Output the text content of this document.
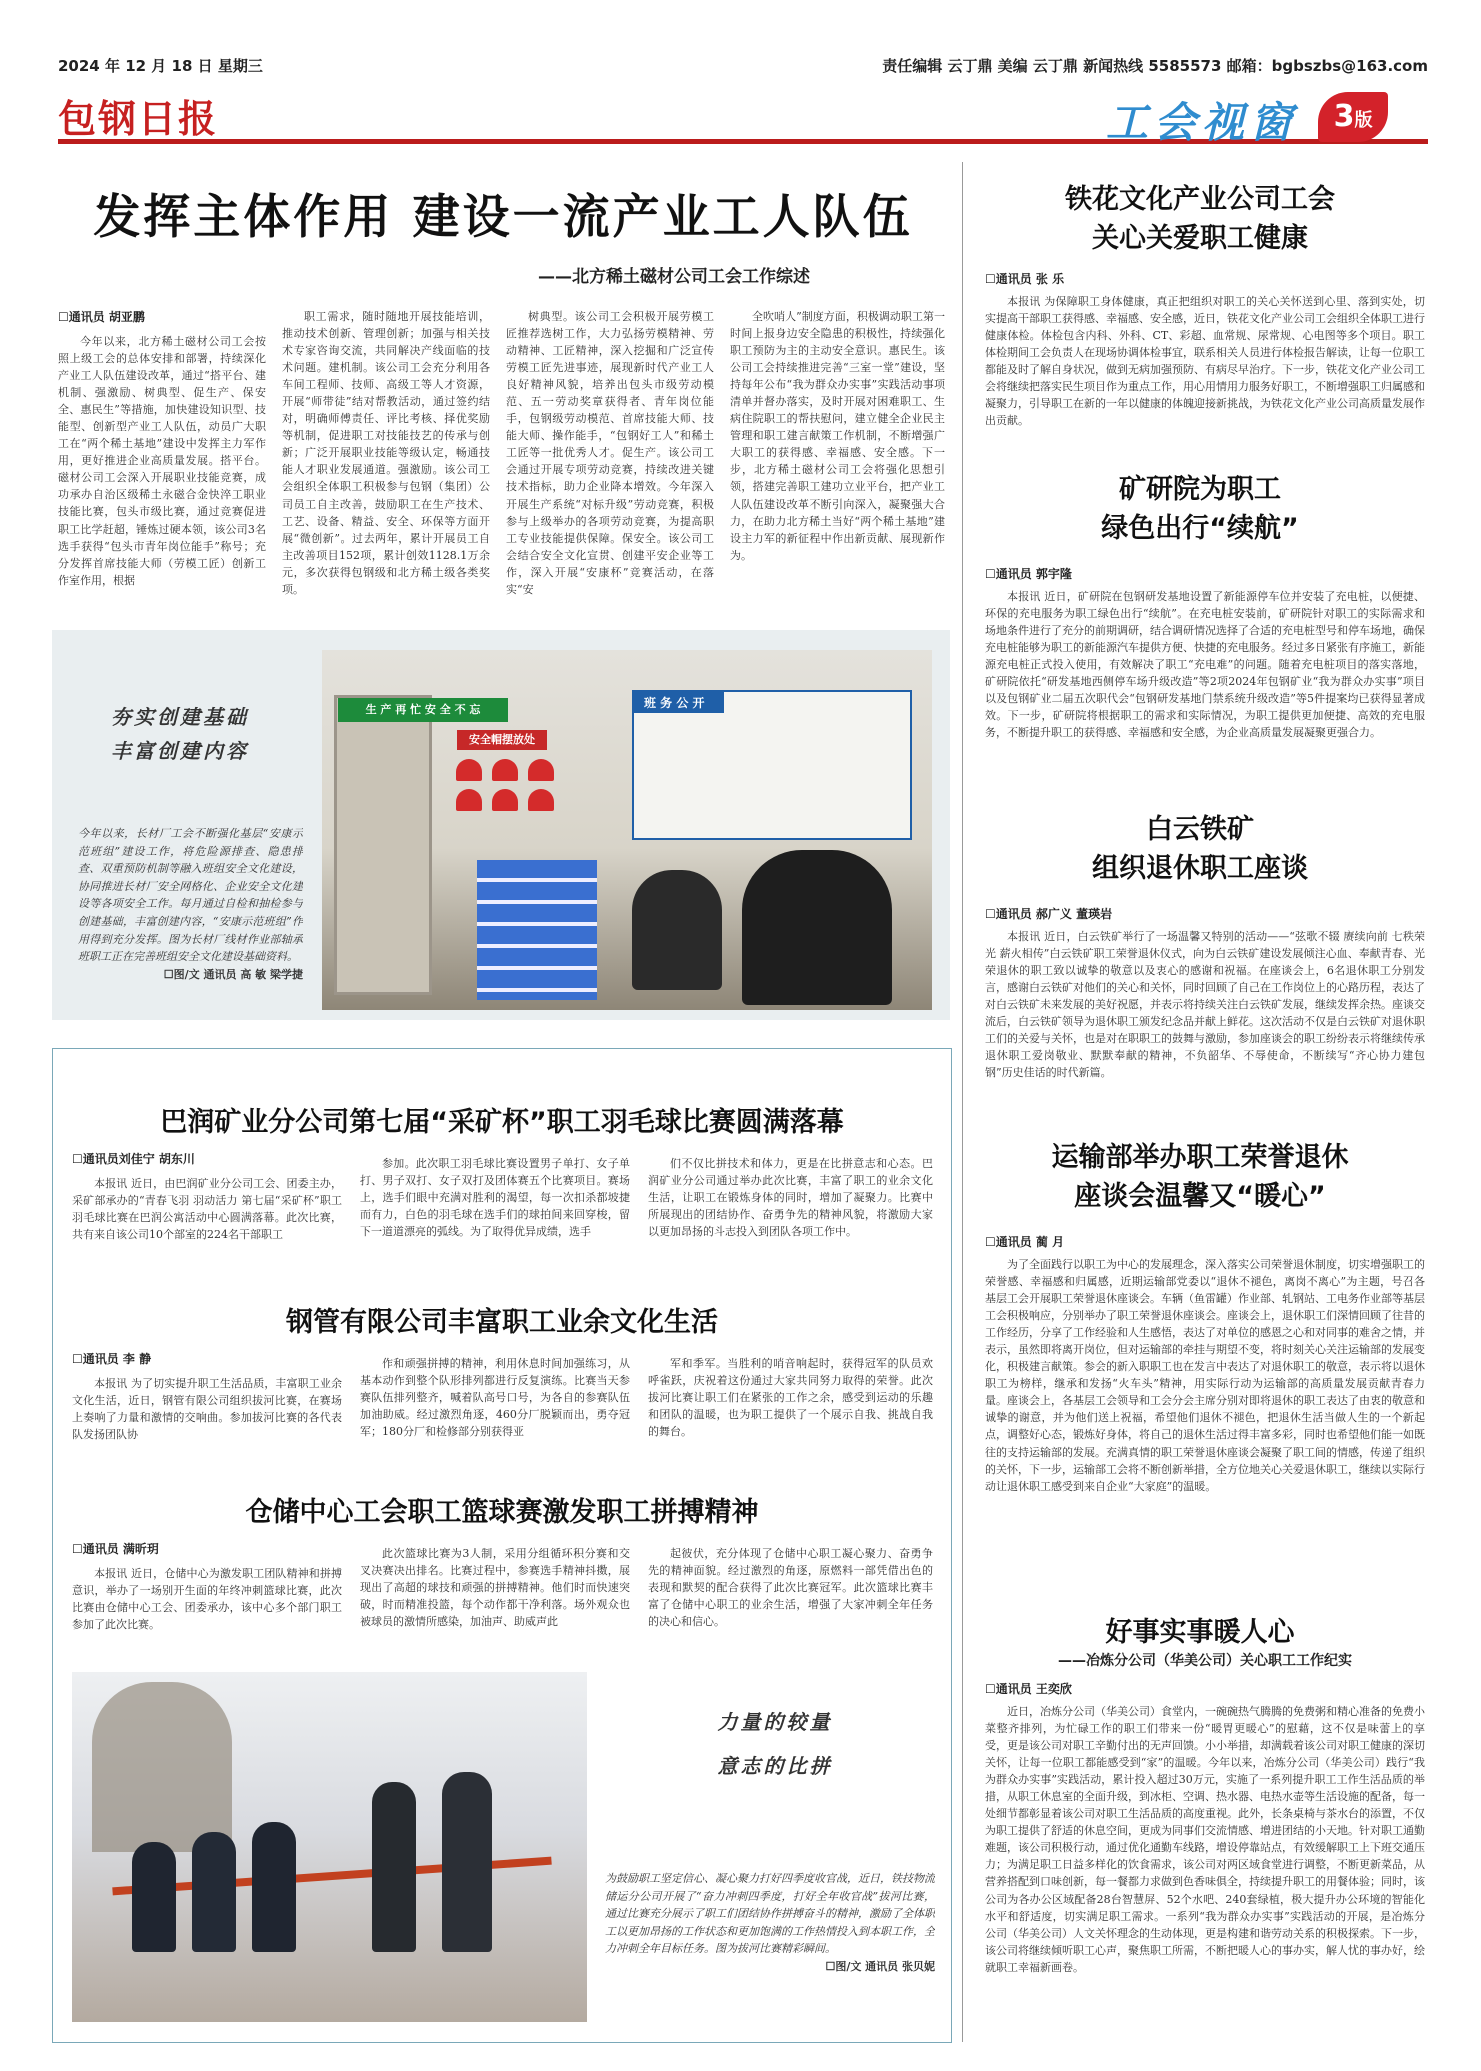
2024 年 12 月 18 日 星期三	责任编辑 云丁鼎 美编 云丁鼎 新闻热线 5585573 邮箱：bgbszbs@163.com
包钢日报	工会视窗	3版
发挥主体作用 建设一流产业工人队伍
——北方稀土磁材公司工会工作综述
☐通讯员 胡亚鹏

今年以来，北方稀土磁材公司工会按照上级工会的总体安排和部署，持续深化产业工人队伍建设改革，通过“搭平台、建机制、强激励、树典型、促生产、保安全、惠民生”等措施，加快建设知识型、技能型、创新型产业工人队伍，动员广大职工在“两个稀土基地”建设中发挥主力军作用，更好推进企业高质量发展。搭平台。磁材公司工会深入开展职业技能竞赛，成功承办自治区级稀土永磁合金快淬工职业技能比赛，包头市级比赛，通过竞赛促进职工比学赶超，锤炼过硬本领，该公司3名选手获得“包头市青年岗位能手”称号；充分发挥首席技能大师（劳模工匠）创新工作室作用，根据

职工需求，随时随地开展技能培训，推动技术创新、管理创新；加强与相关技术专家咨询交流，共同解决产线面临的技术问题。建机制。该公司工会充分利用各车间工程师、技师、高级工等人才资源，开展“师带徒”结对帮教活动，通过签约结对，明确师傅责任、评比考核、择优奖励等机制，促进职工对技能技艺的传承与创新；广泛开展职业技能等级认定，畅通技能人才职业发展通道。强激励。该公司工会组织全体职工积极参与包钢（集团）公司员工自主改善，鼓励职工在生产技术、工艺、设备、精益、安全、环保等方面开展“微创新”。过去两年，累计开展员工自主改善项目152项，累计创效1128.1万余元，多次获得包钢级和北方稀土级各类奖项。

树典型。该公司工会积极开展劳模工匠推荐选树工作，大力弘扬劳模精神、劳动精神、工匠精神，深入挖掘和广泛宣传劳模工匠先进事迹，展现新时代产业工人良好精神风貌，培养出包头市级劳动模范、五一劳动奖章获得者、青年岗位能手，包钢级劳动模范、首席技能大师、技能大师、操作能手，“包钢好工人”和稀土工匠等一批优秀人才。促生产。该公司工会通过开展专项劳动竞赛，持续改进关键技术指标，助力企业降本增效。今年深入开展生产系统“对标升级”劳动竞赛，积极参与上级举办的各项劳动竞赛，为提高职工专业技能提供保障。保安全。该公司工会结合安全文化宣贯、创建平安企业等工作，深入开展“安康杯”竞赛活动，在落实“安

全吹哨人”制度方面，积极调动职工第一时间上报身边安全隐患的积极性，持续强化职工预防为主的主动安全意识。惠民生。该公司工会持续推进完善“三室一堂”建设，坚持每年公布“我为群众办实事”实践活动事项清单并督办落实，及时开展对困难职工、生病住院职工的帮扶慰问，建立健全企业民主管理和职工建言献策工作机制，不断增强广大职工的获得感、幸福感、安全感。下一步，北方稀土磁材公司工会将强化思想引领，搭建完善职工建功立业平台，把产业工人队伍建设改革不断引向深入，凝聚强大合力，在助力北方稀土当好“两个稀土基地”建设主力军的新征程中作出新贡献、展现新作为。

夯实创建基础
丰富创建内容
今年以来，长材厂工会不断强化基层“安康示范班组”建设工作，将危险源排查、隐患排查、双重预防机制等融入班组安全文化建设，协同推进长材厂安全网格化、企业安全文化建设等各项安全工作。每月通过自检和抽检参与创建基础，丰富创建内容，“安康示范班组”作用得到充分发挥。图为长材厂线材作业部轴承班职工正在完善班组安全文化建设基础资料。
☐图/文 通讯员 高 敏 梁学捷
生 产 再 忙 安 全 不 忘
安全帽摆放处
班 务 公 开
巴润矿业分公司第七届“采矿杯”职工羽毛球比赛圆满落幕
☐通讯员刘佳宁 胡东川

本报讯 近日，由巴润矿业分公司工会、团委主办，采矿部承办的“青春飞羽 羽动活力 第七届“采矿杯”职工羽毛球比赛在巴润公寓活动中心圆满落幕。此次比赛，共有来自该公司10个部室的224名干部职工

参加。此次职工羽毛球比赛设置男子单打、女子单打、男子双打、女子双打及团体赛五个比赛项目。赛场上，选手们眼中充满对胜利的渴望，每一次扣杀都坡捷而有力，白色的羽毛球在选手们的球拍间来回穿梭，留下一道道漂亮的弧线。为了取得优异成绩，选手

们不仅比拼技术和体力，更是在比拼意志和心态。巴润矿业分公司通过举办此次比赛，丰富了职工的业余文化生活，让职工在锻炼身体的同时，增加了凝聚力。比赛中所展现出的团结协作、奋勇争先的精神风貌，将激励大家以更加昂扬的斗志投入到团队各项工作中。

钢管有限公司丰富职工业余文化生活
☐通讯员 李 静

本报讯 为了切实提升职工生活品质，丰富职工业余文化生活，近日，钢管有限公司组织拔河比赛，在赛场上奏响了力量和激情的交响曲。参加拔河比赛的各代表队发扬团队协

作和顽强拼搏的精神，利用休息时间加强练习，从基本动作到整个队形排列都进行反复演练。比赛当天参赛队伍排列整齐，喊着队高号口号，为各自的参赛队伍加油助威。经过激烈角逐，460分厂脱颖而出，勇夺冠军；180分厂和检修部分别获得亚

军和季军。当胜利的哨音响起时，获得冠军的队员欢呼雀跃，庆祝着这份通过大家共同努力取得的荣誉。此次拔河比赛让职工们在紧张的工作之余，感受到运动的乐趣和团队的温暖，也为职工提供了一个展示自我、挑战自我的舞台。

仓储中心工会职工篮球赛激发职工拼搏精神
☐通讯员 满昕玥

本报讯 近日，仓储中心为激发职工团队精神和拼搏意识，举办了一场别开生面的年终冲刺篮球比赛，此次比赛由仓储中心工会、团委承办，该中心多个部门职工参加了此次比赛。

此次篮球比赛为3人制，采用分组循环积分赛和交叉决赛决出排名。比赛过程中，参赛选手精神抖擞，展现出了高超的球技和顽强的拼搏精神。他们时而快速突破，时而精准投篮，每个动作都干净利落。场外观众也被球员的激情所感染，加油声、助威声此

起彼伏，充分体现了仓储中心职工凝心聚力、奋勇争先的精神面貌。经过激烈的角逐，原燃料一部凭借出色的表现和默契的配合获得了此次比赛冠军。此次篮球比赛丰富了仓储中心职工的业余生活，增强了大家冲刺全年任务的决心和信心。

力量的较量
意志的比拼
为鼓励职工坚定信心、凝心聚力打好四季度收官战，近日，铁技物流储运分公司开展了“奋力冲刺四季度，打好全年收官战”拔河比赛，通过比赛充分展示了职工们团结协作拼搏奋斗的精神，激励了全体职工以更加昂扬的工作状态和更加饱满的工作热情投入到本职工作，全力冲刺全年目标任务。图为拔河比赛精彩瞬间。
☐图/文 通讯员 张贝妮
铁花文化产业公司工会
关心关爱职工健康
☐通讯员 张 乐

本报讯 为保障职工身体健康，真正把组织对职工的关心关怀送到心里、落到实处，切实提高干部职工获得感、幸福感、安全感，近日，铁花文化产业公司工会组织全体职工进行健康体检。体检包含内科、外科、CT、彩超、血常规、尿常规、心电图等多个项目。职工体检期间工会负责人在现场协调体检事宜，联系相关人员进行体检报告解读，让每一位职工都能及时了解自身状况，做到无病加强预防、有病尽早治疗。下一步，铁花文化产业公司工会将继续把落实民生项目作为重点工作，用心用情用力服务好职工，不断增强职工归属感和凝聚力，引导职工在新的一年以健康的体魄迎接新挑战，为铁花文化产业公司高质量发展作出贡献。

矿研院为职工
绿色出行“续航”
☐通讯员 郭宇隆

本报讯 近日，矿研院在包钢研发基地设置了新能源停车位并安装了充电桩，以便捷、环保的充电服务为职工绿色出行“续航”。在充电桩安装前，矿研院针对职工的实际需求和场地条件进行了充分的前期调研，结合调研情况选择了合适的充电桩型号和停车场地，确保充电桩能够为职工的新能源汽车提供方便、快捷的充电服务。经过多日紧张有序施工，新能源充电桩正式投入使用，有效解决了职工“充电难”的问题。随着充电桩项目的落实落地，矿研院依托“研发基地西侧停车场升级改造”等2项2024年包钢矿业“我为群众办实事”项目以及包钢矿业二届五次职代会“包钢研发基地门禁系统升级改造”等5件提案均已获得显著成效。下一步，矿研院将根据职工的需求和实际情况，为职工提供更加便捷、高效的充电服务，不断提升职工的获得感、幸福感和安全感，为企业高质量发展凝聚更强合力。

白云铁矿
组织退休职工座谈
☐通讯员 郝广义 董瑛岩

本报讯 近日，白云铁矿举行了一场温馨又特别的活动——“弦歌不辍 赓续向前 七秩荣光 薪火相传”白云铁矿职工荣誉退休仪式，向为白云铁矿建设发展倾注心血、奉献青春、光荣退休的职工致以诚挚的敬意以及衷心的感谢和祝福。在座谈会上，6名退休职工分别发言，感谢白云铁矿对他们的关心和关怀，同时回顾了自己在工作岗位上的心路历程，表达了对白云铁矿未来发展的美好祝愿，并表示将持续关注白云铁矿发展，继续发挥余热。座谈交流后，白云铁矿领导为退休职工颁发纪念品并献上鲜花。这次活动不仅是白云铁矿对退休职工们的关爱与关怀，也是对在职职工的鼓舞与激励，参加座谈会的职工纷纷表示将继续传承退休职工爱岗敬业、默默奉献的精神，不负韶华、不辱使命，不断续写“齐心协力建包钢”历史佳话的时代新篇。

运输部举办职工荣誉退休
座谈会温馨又“暖心”
☐通讯员 蔺 月

为了全面践行以职工为中心的发展理念，深入落实公司荣誉退休制度，切实增强职工的荣誉感、幸福感和归属感，近期运输部党委以“退休不褪色，离岗不离心”为主题，号召各基层工会开展职工荣誉退休座谈会。车辆（鱼雷罐）作业部、轧钢站、工电务作业部等基层工会积极响应，分别举办了职工荣誉退休座谈会。座谈会上，退休职工们深情回顾了往昔的工作经历，分享了工作经验和人生感悟，表达了对单位的感恩之心和对同事的难舍之情，并表示，虽然即将离开岗位，但对运输部的牵挂与期望不变，将时刻关心关注运输部的发展变化，积极建言献策。参会的新入职职工也在发言中表达了对退休职工的敬意，表示将以退休职工为榜样，继承和发扬“火车头”精神，用实际行动为运输部的高质量发展贡献青春力量。座谈会上，各基层工会领导和工会分会主席分别对即将退休的职工表达了由衷的敬意和诚挚的谢意，并为他们送上祝福，希望他们退休不褪色，把退休生活当做人生的一个新起点，调整好心态，锻炼好身体，将自己的退休生活过得丰富多彩，同时也希望他们能一如既往的支持运输部的发展。充满真情的职工荣誉退休座谈会凝聚了职工间的情感，传递了组织的关怀，下一步，运输部工会将不断创新举措，全方位地关心关爱退休职工，继续以实际行动让退休职工感受到来自企业“大家庭”的温暖。

好事实事暖人心
——冶炼分公司（华美公司）关心职工工作纪实
☐通讯员 王奕欣

近日，冶炼分公司（华美公司）食堂内，一碗碗热气腾腾的免费粥和精心准备的免费小菜整齐排列，为忙碌工作的职工们带来一份“暖胃更暖心”的慰藉，这不仅是味蕾上的享受，更是该公司对职工辛勤付出的无声回馈。小小举措，却满载着该公司对职工健康的深切关怀，让每一位职工都能感受到“家”的温暖。今年以来，冶炼分公司（华美公司）践行“我为群众办实事”实践活动，累计投入超过30万元，实施了一系列提升职工工作生活品质的举措，从职工休息室的全面升级，到冰柜、空调、热水器、电热水壶等生活设施的配备，每一处细节都彰显着该公司对职工生活品质的高度重视。此外，长条桌椅与茶水台的添置，不仅为职工提供了舒适的休息空间，更成为同事们交流情感、增进团结的小天地。针对职工通勤难题，该公司积极行动，通过优化通勤车线路，增设停靠站点，有效缓解职工上下班交通压力；为满足职工日益多样化的饮食需求，该公司对两区域食堂进行调整，不断更新菜品，从营养搭配到口味创新，每一餐都力求做到色香味俱全，持续提升职工的用餐体验；同时，该公司为各办公区域配备28台智慧屏、52个水吧、240套绿植，极大提升办公环境的智能化水平和舒适度，切实满足职工需求。一系列“我为群众办实事”实践活动的开展，是冶炼分公司（华美公司）人文关怀理念的生动体现，更是构建和谐劳动关系的积极探索。下一步，该公司将继续倾听职工心声，聚焦职工所需，不断把暖人心的事办实，解人忧的事办好，绘就职工幸福新画卷。
